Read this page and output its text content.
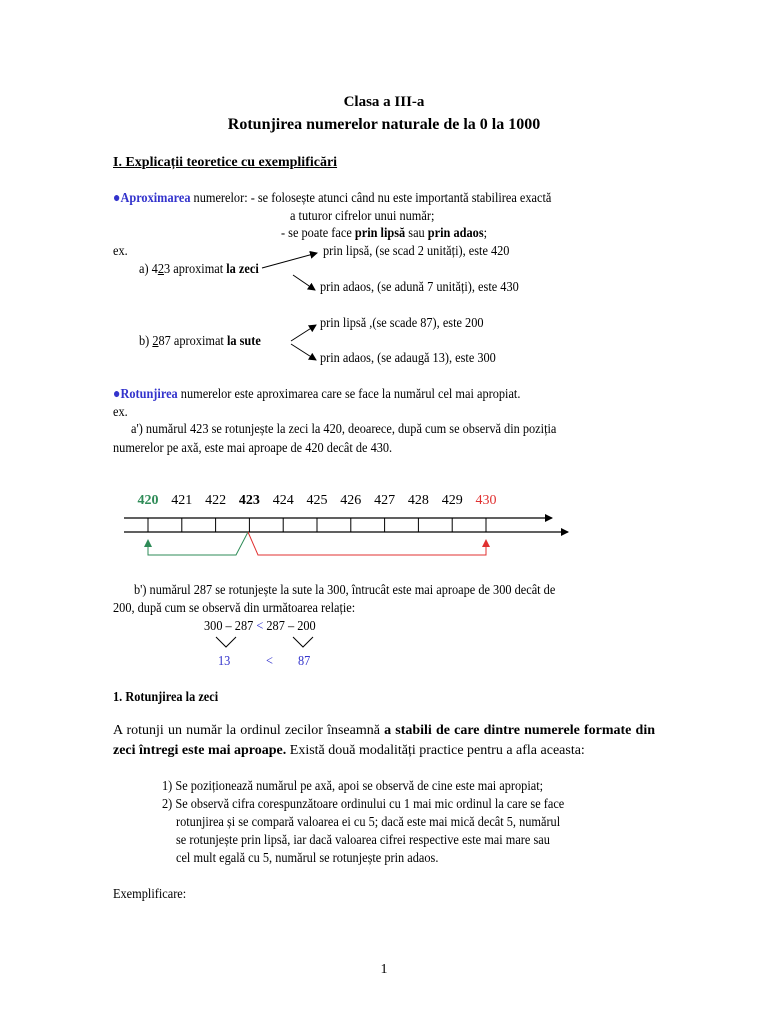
Clasa a III-a
Rotunjirea numerelor naturale de la 0 la 1000
I. Explicații teoretice cu exemplificări
●Aproximarea numerelor: - se folosește atunci când nu este importantă stabilirea exactă
a tuturor cifrelor unui număr;
- se poate face prin lipsă sau prin adaos;
ex.
a) 423 aproximat la zeci
prin lipsă, (se scad 2 unități), este 420
prin adaos, (se adună 7 unități), este 430
b) 287 aproximat la sute
prin lipsă ,(se scade 87), este 200
prin adaos, (se adaugă 13), este 300
●Rotunjirea numerelor este aproximarea care se face la numărul cel mai apropiat.
ex.
a') numărul 423 se rotunjește la zeci la 420, deoarece, după cum se observă din poziția
numerelor pe axă, este mai aproape de 420 decât de 430.
420 421 422 423 424 425 426 427 428 429 430
b') numărul 287 se rotunjește la sute la 300, întrucât este mai aproape de 300 decât de
200, după cum se observă din următoarea relație:
300 – 287 < 287 – 200
13	< 87
1. Rotunjirea la zeci
A rotunji un număr la ordinul zecilor înseamnă a stabili de care dintre numerele formate din zeci întregi este mai aproape. Există două modalități practice pentru a afla aceasta:
1) Se poziționează numărul pe axă, apoi se observă de cine este mai apropiat;
2) Se observă cifra corespunzătoare ordinului cu 1 mai mic ordinul la care se face
rotunjirea și se compară valoarea ei cu 5; dacă este mai mică decât 5, numărul
se rotunjește prin lipsă, iar dacă valoarea cifrei respective este mai mare sau
cel mult egală cu 5, numărul se rotunjește prin adaos.
Exemplificare:
1
